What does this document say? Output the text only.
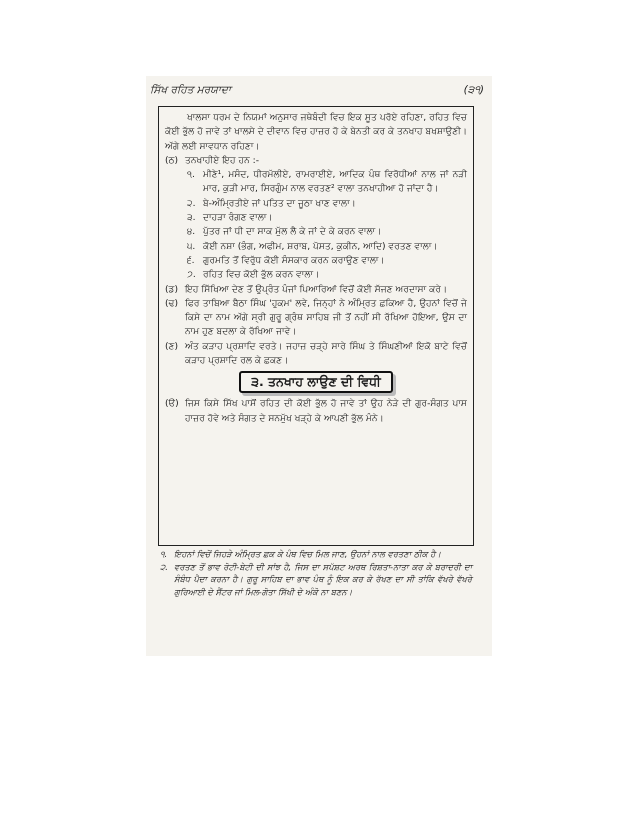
ਸਿੱਖ ਰਹਿਤ ਮਰਯਾਦਾ	(੩੧)

ਖਾਲਸਾ ਧਰਮ ਦੇ ਨਿਯਮਾਂ ਅਨੁਸਾਰ ਜਥੇਬੰਦੀ ਵਿਚ ਇਕ ਸੂਤ ਪਰੋਏ ਰਹਿਣਾ, ਰਹਿਤ ਵਿਚ ਕੋਈ ਭੁੱਲ ਹੋ ਜਾਵੇ ਤਾਂ ਖਾਲਸੇ ਦੇ ਦੀਵਾਨ ਵਿਚ ਹਾਜ਼ਰ ਹੋ ਕੇ ਬੇਨਤੀ ਕਰ ਕੇ ਤਨਖਾਹ ਬਖਸ਼ਾਉਣੀ। ਅੱਗੇ ਲਈ ਸਾਵਧਾਨ ਰਹਿਣਾ।

(ਠ) ਤਨਖਾਹੀਏ ਇਹ ਹਨ :-
੧. ਮੀਣੇ¹, ਮਸੰਦ, ਧੀਰਮੱਲੀਏ, ਰਾਮਰਾਈਏ, ਆਦਿਕ ਪੰਥ ਵਿਰੋਧੀਆਂ ਨਾਲ ਜਾਂ ਨੜੀ ਮਾਰ, ਕੁੜੀ ਮਾਰ, ਸਿਰਗੁੰਮ ਨਾਲ ਵਰਤਣ² ਵਾਲਾ ਤਨਖਾਹੀਆ ਹੋ ਜਾਂਦਾ ਹੈ।

੨. ਬੇ-ਅੰਮ੍ਰਿਤੀਏ ਜਾਂ ਪਤਿਤ ਦਾ ਜੂਠਾ ਖਾਣ ਵਾਲਾ।

੩. ਦਾਹੜਾ ਰੰਗਣ ਵਾਲਾ।

੪. ਪੁੱਤਰ ਜਾਂ ਧੀ ਦਾ ਸਾਕ ਮੁੱਲ ਲੈ ਕੇ ਜਾਂ ਦੇ ਕੇ ਕਰਨ ਵਾਲਾ।

੫. ਕੋਈ ਨਸ਼ਾ (ਭੰਗ, ਅਫੀਮ, ਸ਼ਰਾਬ, ਪੋਸਤ, ਕੁਕੀਨ, ਆਦਿ) ਵਰਤਣ ਵਾਲਾ।

੬. ਗੁਰਮਤਿ ਤੋਂ ਵਿਰੁੱਧ ਕੋਈ ਸੰਸਕਾਰ ਕਰਨ ਕਰਾਉਣ ਵਾਲਾ।

੭. ਰਹਿਤ ਵਿਚ ਕੋਈ ਭੁੱਲ ਕਰਨ ਵਾਲਾ।

(ਡ) ਇਹ ਸਿੱਖਿਆ ਦੇਣ ਤੋਂ ਉਪ੍ਰੰਤ ਪੰਜਾਂ ਪਿਆਰਿਆਂ ਵਿਚੋਂ ਕੋਈ ਸੱਜਣ ਅਰਦਾਸਾ ਕਰੇ।

(ਢ) ਫਿਰ ਤਾਬਿਆ ਬੈਠਾ ਸਿੰਘ 'ਹੁਕਮ' ਲਵੇ, ਜਿਨ੍ਹਾਂ ਨੇ ਅੰਮ੍ਰਿਤ ਛਕਿਆ ਹੈ, ਉਹਨਾਂ ਵਿਚੋਂ ਜੇ ਕਿਸੇ ਦਾ ਨਾਮ ਅੱਗੇ ਸ੍ਰੀ ਗੁਰੂ ਗ੍ਰੰਥ ਸਾਹਿਬ ਜੀ ਤੋਂ ਨਹੀਂ ਸੀ ਰੱਖਿਆ ਹੋਇਆ, ਉਸ ਦਾ ਨਾਮ ਹੁਣ ਬਦਲਾ ਕੇ ਰੱਖਿਆ ਜਾਵੇ।

(ਣ) ਅੰਤ ਕੜਾਹ ਪ੍ਰਸ਼ਾਦਿ ਵਰਤੇ। ਜਹਾਜ਼ ਚੜ੍ਹੇ ਸਾਰੇ ਸਿੰਘ ਤੇ ਸਿੰਘਣੀਆਂ ਇਕੋ ਬਾਟੇ ਵਿਚੋਂ ਕੜਾਹ ਪ੍ਰਸ਼ਾਦਿ ਰਲ ਕੇ ਛਕਣ।

੩. ਤਨਖਾਹ ਲਾਉਣ ਦੀ ਵਿਧੀ
(ੳ) ਜਿਸ ਕਿਸੇ ਸਿੱਖ ਪਾਸੋਂ ਰਹਿਤ ਦੀ ਕੋਈ ਭੁੱਲ ਹੋ ਜਾਵੇ ਤਾਂ ਉਹ ਨੇੜੇ ਦੀ ਗੁਰ-ਸੰਗਤ ਪਾਸ ਹਾਜ਼ਰ ਹੋਵੇ ਅਤੇ ਸੰਗਤ ਦੇ ਸਨਮੁੱਖ ਖੜ੍ਹੇ ਕੇ ਆਪਣੀ ਭੁੱਲ ਮੰਨੇ।

੧. ਇਹਨਾਂ ਵਿਚੋਂ ਜਿਹੜੇ ਅੰਮ੍ਰਿਤ ਛਕ ਕੇ ਪੰਥ ਵਿਚ ਮਿਲ ਜਾਣ, ਉਹਨਾਂ ਨਾਲ ਵਰਤਣਾ ਠੀਕ ਹੈ।

੨. ਵਰਤਣ ਤੋਂ ਭਾਵ ਰੋਟੀ-ਬੇਟੀ ਦੀ ਸਾਂਝ ਹੈ, ਜਿਸ ਦਾ ਸਪੱਸ਼ਟ ਅਰਥ ਰਿਸ਼ਤਾ-ਨਾਤਾ ਕਰ ਕੇ ਬਰਾਦਰੀ ਦਾ ਸੰਬੰਧ ਪੈਦਾ ਕਰਨਾ ਹੈ। ਗੁਰੂ ਸਾਹਿਬ ਦਾ ਭਾਵ ਪੰਥ ਨੂੰ ਇਕ ਕਰ ਕੇ ਰੱਖਣ ਦਾ ਸੀ ਤਾਂਕਿ ਵੱਖਰੇ ਵੱਖਰੇ ਗੁਰਿਆਈ ਦੇ ਸੈਂਟਰ ਜਾਂ ਮਿਲ-ਗੋਤਾ ਸਿੱਖੀ ਦੇ ਅੰਕੋ ਨਾ ਬਣਨ।
